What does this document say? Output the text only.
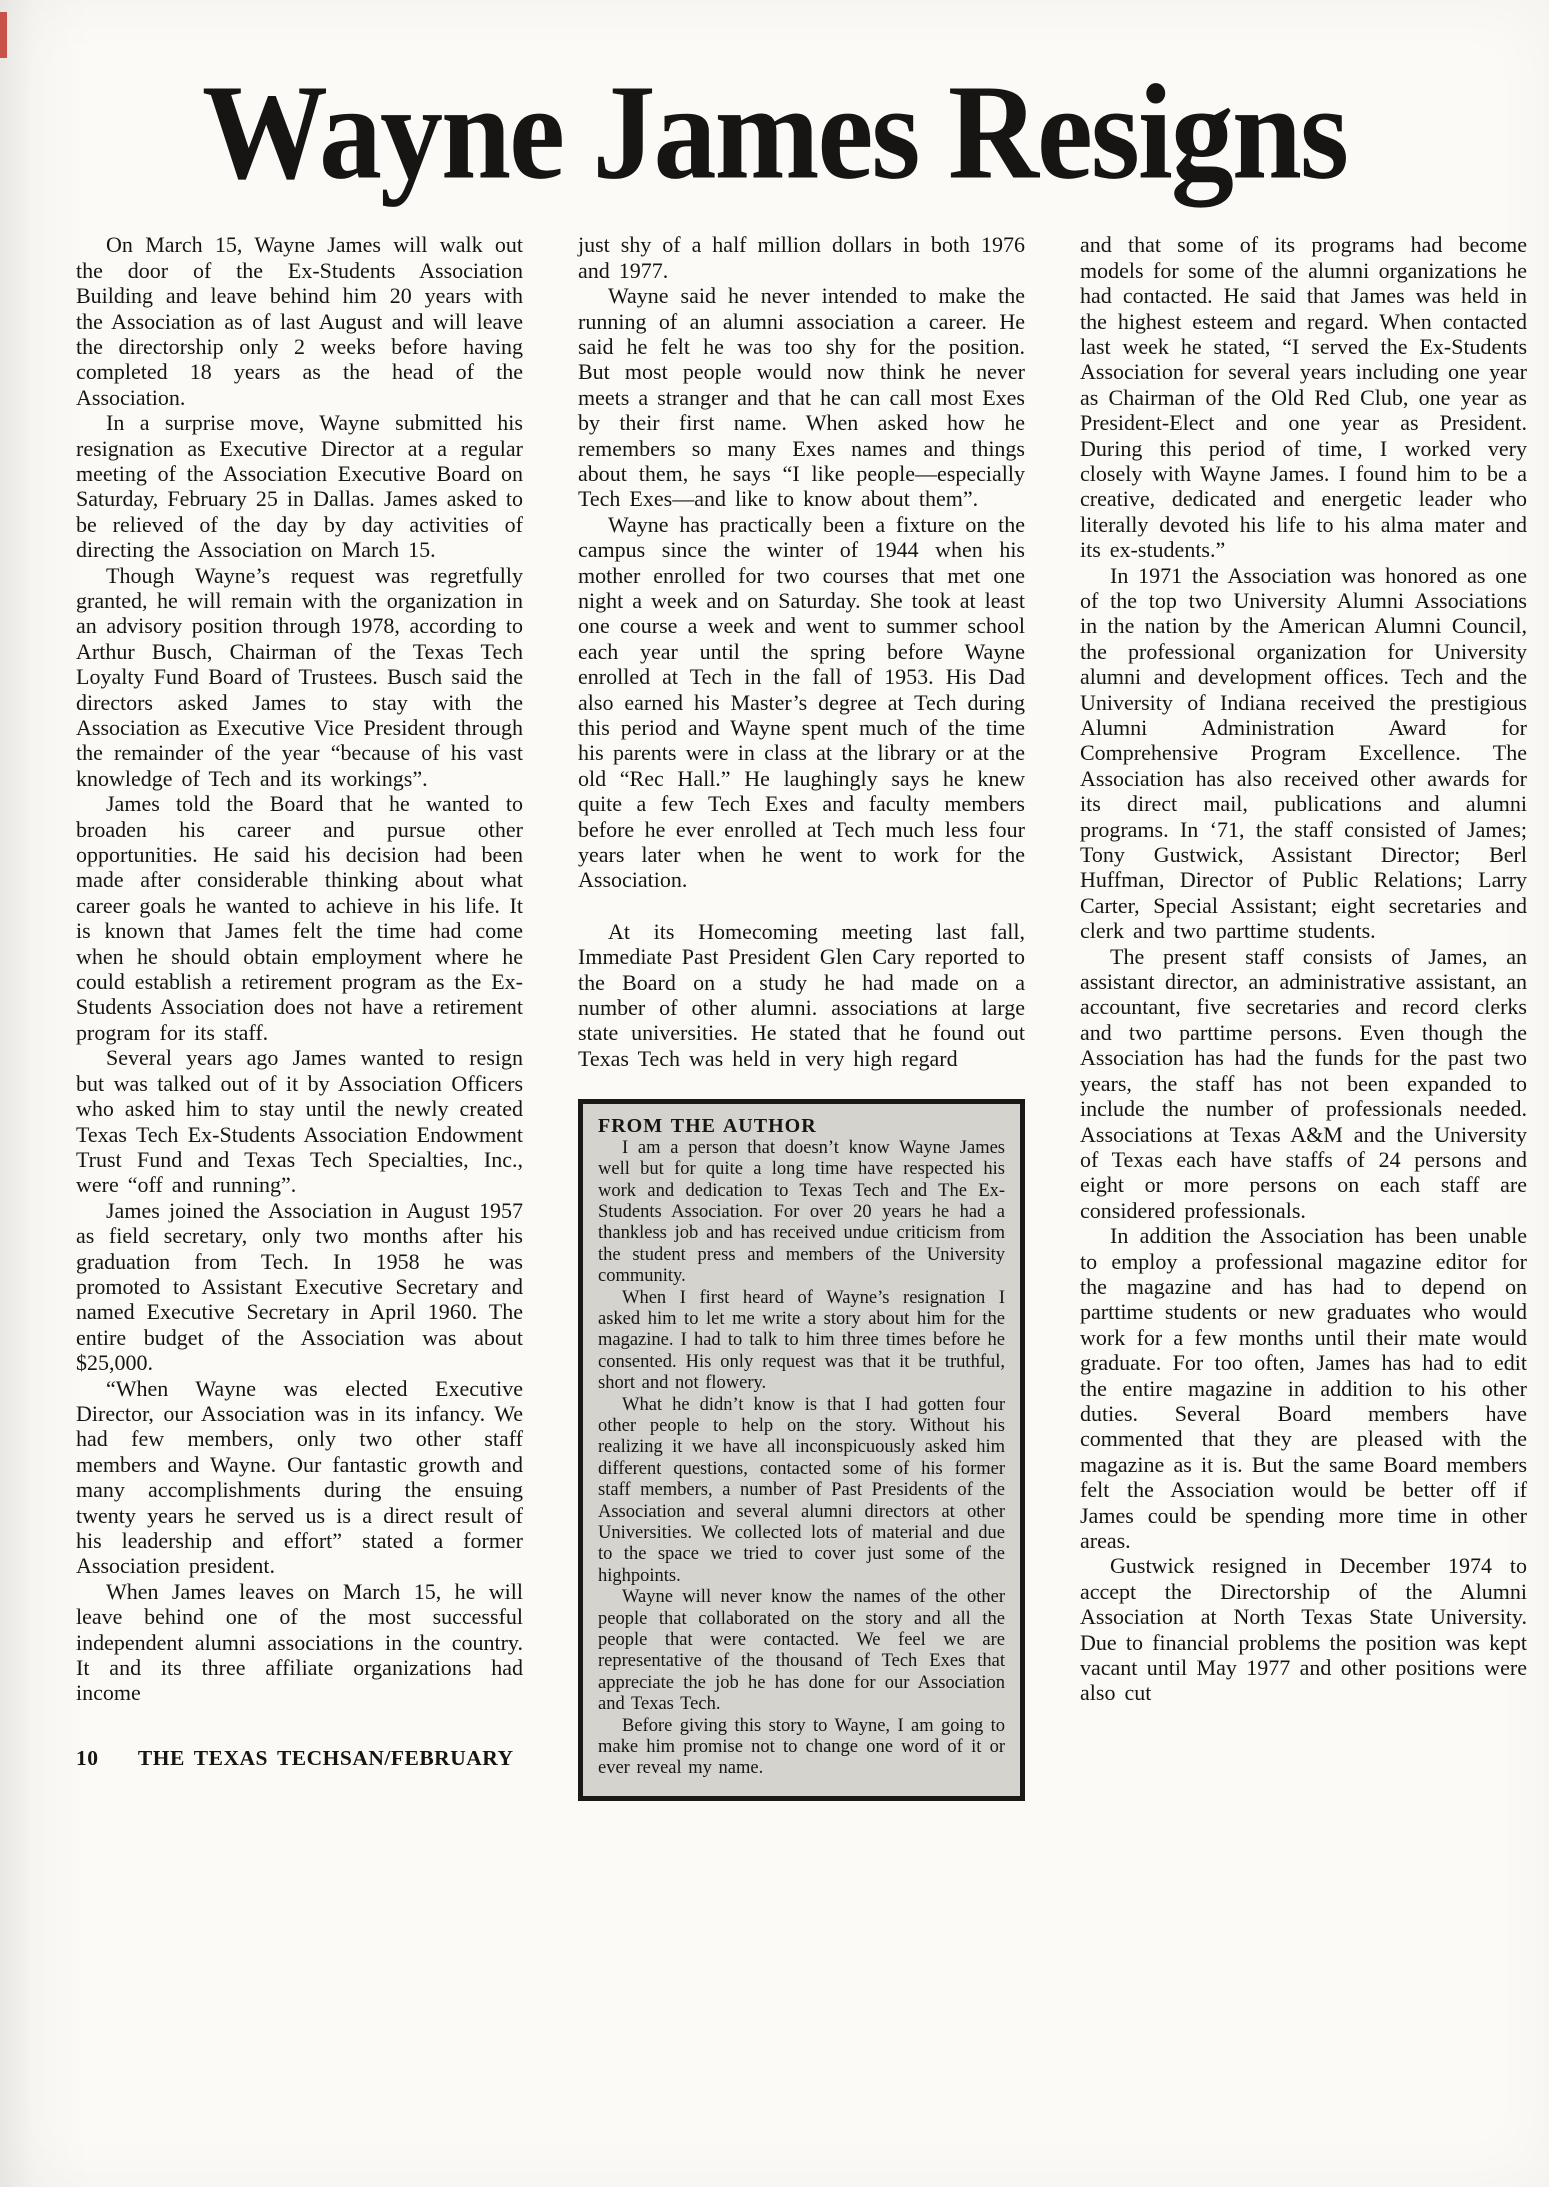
Wayne James Resigns

On March 15, Wayne James will walk out the door of the Ex-Students Association Building and leave behind him 20 years with the Association as of last August and will leave the directorship only 2 weeks before having completed 18 years as the head of the Association.

In a surprise move, Wayne submitted his resignation as Executive Director at a regular meeting of the Association Executive Board on Saturday, February 25 in Dallas. James asked to be relieved of the day by day activities of directing the Association on March 15.

Though Wayne’s request was regretfully granted, he will remain with the organization in an advisory position through 1978, according to Arthur Busch, Chairman of the Texas Tech Loyalty Fund Board of Trustees. Busch said the directors asked James to stay with the Association as Executive Vice President through the remainder of the year “because of his vast knowledge of Tech and its workings”.

James told the Board that he wanted to broaden his career and pursue other opportunities. He said his decision had been made after considerable thinking about what career goals he wanted to achieve in his life. It is known that James felt the time had come when he should obtain employment where he could establish a retirement program as the Ex-Students Association does not have a retirement program for its staff.

Several years ago James wanted to resign but was talked out of it by Association Officers who asked him to stay until the newly created Texas Tech Ex-Students Association Endowment Trust Fund and Texas Tech Specialties, Inc., were “off and running”.

James joined the Association in August 1957 as field secretary, only two months after his graduation from Tech. In 1958 he was promoted to Assistant Executive Secretary and named Executive Secretary in April 1960. The entire budget of the Association was about $25,000.

“When Wayne was elected Executive Director, our Association was in its infancy. We had few members, only two other staff members and Wayne. Our fantastic growth and many accomplishments during the ensuing twenty years he served us is a direct result of his leadership and effort” stated a former Association president.

When James leaves on March 15, he will leave behind one of the most successful independent alumni associations in the country. It and its three affiliate organizations had income

10 THE TEXAS TECHSAN/FEBRUARY

just shy of a half million dollars in both 1976 and 1977.

Wayne said he never intended to make the running of an alumni association a career. He said he felt he was too shy for the position. But most people would now think he never meets a stranger and that he can call most Exes by their first name. When asked how he remembers so many Exes names and things about them, he says “I like people—especially Tech Exes—and like to know about them”.

Wayne has practically been a fixture on the campus since the winter of 1944 when his mother enrolled for two courses that met one night a week and on Saturday. She took at least one course a week and went to summer school each year until the spring before Wayne enrolled at Tech in the fall of 1953. His Dad also earned his Master’s degree at Tech during this period and Wayne spent much of the time his parents were in class at the library or at the old “Rec Hall.” He laughingly says he knew quite a few Tech Exes and faculty members before he ever enrolled at Tech much less four years later when he went to work for the Association.

At its Homecoming meeting last fall, Immediate Past President Glen Cary reported to the Board on a study he had made on a number of other alumni. associations at large state universities. He stated that he found out Texas Tech was held in very high regard

FROM THE AUTHOR

I am a person that doesn’t know Wayne James well but for quite a long time have respected his work and dedication to Texas Tech and The Ex-Students Association. For over 20 years he had a thankless job and has received undue criticism from the student press and members of the University community.

When I first heard of Wayne’s resignation I asked him to let me write a story about him for the magazine. I had to talk to him three times before he consented. His only request was that it be truthful, short and not flowery.

What he didn’t know is that I had gotten four other people to help on the story. Without his realizing it we have all inconspicuously asked him different questions, contacted some of his former staff members, a number of Past Presidents of the Association and several alumni directors at other Universities. We collected lots of material and due to the space we tried to cover just some of the highpoints.

Wayne will never know the names of the other people that collaborated on the story and all the people that were contacted. We feel we are representative of the thousand of Tech Exes that appreciate the job he has done for our Association and Texas Tech.

Before giving this story to Wayne, I am going to make him promise not to change one word of it or ever reveal my name.

and that some of its programs had become models for some of the alumni organizations he had contacted. He said that James was held in the highest esteem and regard. When contacted last week he stated, “I served the Ex-Students Association for several years including one year as Chairman of the Old Red Club, one year as President-Elect and one year as President. During this period of time, I worked very closely with Wayne James. I found him to be a creative, dedicated and energetic leader who literally devoted his life to his alma mater and its ex-students.”

In 1971 the Association was honored as one of the top two University Alumni Associations in the nation by the American Alumni Council, the professional organization for University alumni and development offices. Tech and the University of Indiana received the prestigious Alumni Administration Award for Comprehensive Program Excellence. The Association has also received other awards for its direct mail, publications and alumni programs. In ‘71, the staff consisted of James; Tony Gustwick, Assistant Director; Berl Huffman, Director of Public Relations; Larry Carter, Special Assistant; eight secretaries and clerk and two parttime students.

The present staff consists of James, an assistant director, an administrative assistant, an accountant, five secretaries and record clerks and two parttime persons. Even though the Association has had the funds for the past two years, the staff has not been expanded to include the number of professionals needed. Associations at Texas A&M and the University of Texas each have staffs of 24 persons and eight or more persons on each staff are considered professionals.

In addition the Association has been unable to employ a professional magazine editor for the magazine and has had to depend on parttime students or new graduates who would work for a few months until their mate would graduate. For too often, James has had to edit the entire magazine in addition to his other duties. Several Board members have commented that they are pleased with the magazine as it is. But the same Board members felt the Association would be better off if James could be spending more time in other areas.

Gustwick resigned in December 1974 to accept the Directorship of the Alumni Association at North Texas State University. Due to financial problems the position was kept vacant until May 1977 and other positions were also cut
